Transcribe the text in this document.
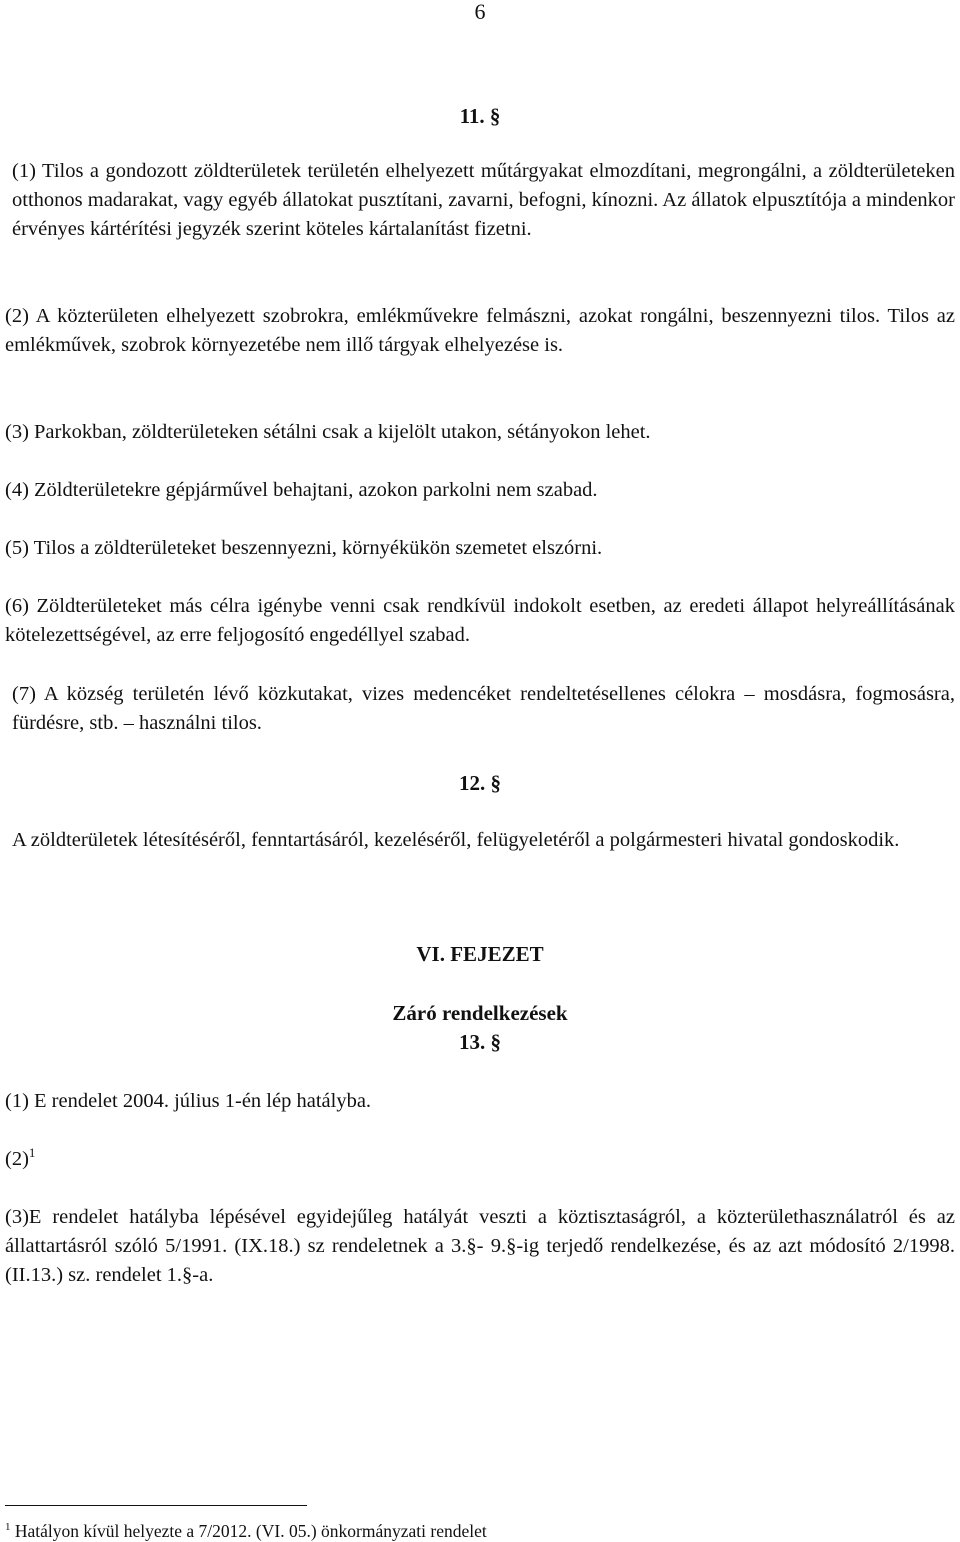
6
11. §
(1) Tilos a gondozott zöldterületek területén elhelyezett műtárgyakat elmozdítani, megrongálni, a zöldterületeken otthonos madarakat, vagy egyéb állatokat pusztítani, zavarni, befogni, kínozni. Az állatok elpusztítója a mindenkor érvényes kártérítési jegyzék szerint köteles kártalanítást fizetni.
(2) A közterületen elhelyezett szobrokra, emlékművekre felmászni, azokat rongálni, beszennyezni tilos. Tilos az emlékművek, szobrok környezetébe nem illő tárgyak elhelyezése is.
(3) Parkokban, zöldterületeken sétálni csak a kijelölt utakon, sétányokon lehet.
(4) Zöldterületekre gépjárművel behajtani, azokon parkolni nem szabad.
(5) Tilos a zöldterületeket beszennyezni, környékükön szemetet elszórni.
(6) Zöldterületeket más célra igénybe venni csak rendkívül indokolt esetben, az eredeti állapot helyreállításának kötelezettségével, az erre feljogosító engedéllyel szabad.
(7) A község területén lévő közkutakat, vizes medencéket rendeltetésellenes célokra – mosdásra, fogmosásra, fürdésre, stb. – használni tilos.
12. §
A zöldterületek létesítéséről, fenntartásáról, kezeléséről, felügyeletéről a polgármesteri hivatal gondoskodik.
VI. FEJEZET
Záró rendelkezések
13. §
(1) E rendelet 2004. július 1-én lép hatályba.
$(2)^1$
(3)E rendelet hatályba lépésével egyidejűleg hatályát veszti a köztisztaságról, a közterülethasználatról és az állattartásról szóló 5/1991. (IX.18.) sz rendeletnek a 3.§- 9.§-ig terjedő rendelkezése, és az azt módosító 2/1998.(II.13.) sz. rendelet 1.§-a.
$^1$ Hatályon kívül helyezte a 7/2012. (VI. 05.) önkormányzati rendelet
